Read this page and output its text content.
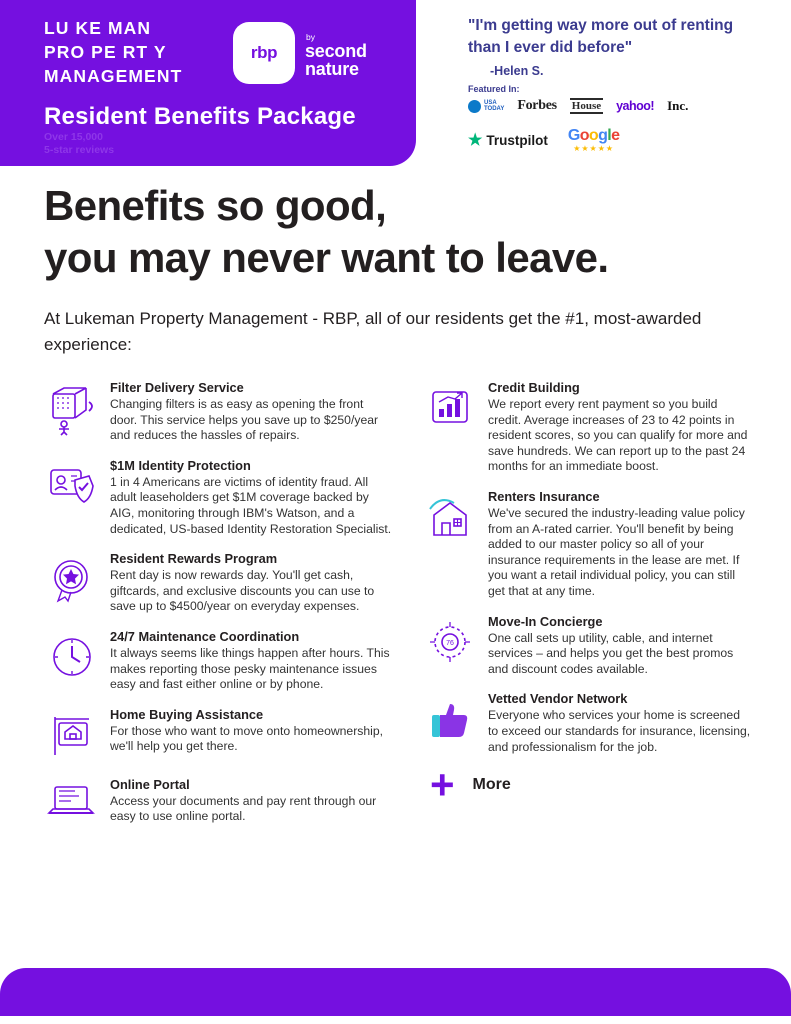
LU KE MAN
PRO PE RT Y
MANAGEMENT
Resident Benefits Package
Over 15,000
5-star reviews
rbp
by
second
nature
"I'm getting way more out of renting than I ever did before"
-Helen S.
Featured In:
USA
TODAY Forbes House yahoo! Inc.
★ Trustpilot Google
★★★★★
Benefits so good,
you may never want to leave.
At Lukeman Property Management - RBP, all of our residents get the #1, most-awarded experience:
Filter Delivery Service
Changing filters is as easy as opening the front door. This service helps you save up to $250/year and reduces the hassles of repairs.
$1M Identity Protection
1 in 4 Americans are victims of identity fraud. All adult leaseholders get $1M coverage backed by AIG, monitoring through IBM's Watson, and a dedicated, US-based Identity Restoration Specialist.
Resident Rewards Program
Rent day is now rewards day. You'll get cash, giftcards, and exclusive discounts you can use to save up to $4500/year on everyday expenses.
24/7 Maintenance Coordination
It always seems like things happen after hours. This makes reporting those pesky maintenance issues easy and fast either online or by phone.
Home Buying Assistance
For those who want to move onto homeownership, we'll help you get there.
Online Portal
Access your documents and pay rent through our easy to use online portal.
Credit Building
We report every rent payment so you build credit. Average increases of 23 to 42 points in resident scores, so you can qualify for more and save hundreds. We can report up to the past 24 months for an immediate boost.
Renters Insurance
We've secured the industry-leading value policy from an A-rated carrier. You'll benefit by being added to our master policy so all of your insurance requirements in the lease are met. If you want a retail individual policy, you can still get that at any time.
76
Move-In Concierge
One call sets up utility, cable, and internet services – and helps you get the best promos and discount codes available.
Vetted Vendor Network
Everyone who services your home is screened to exceed our standards for insurance, licensing, and professionalism for the job.
+ More
